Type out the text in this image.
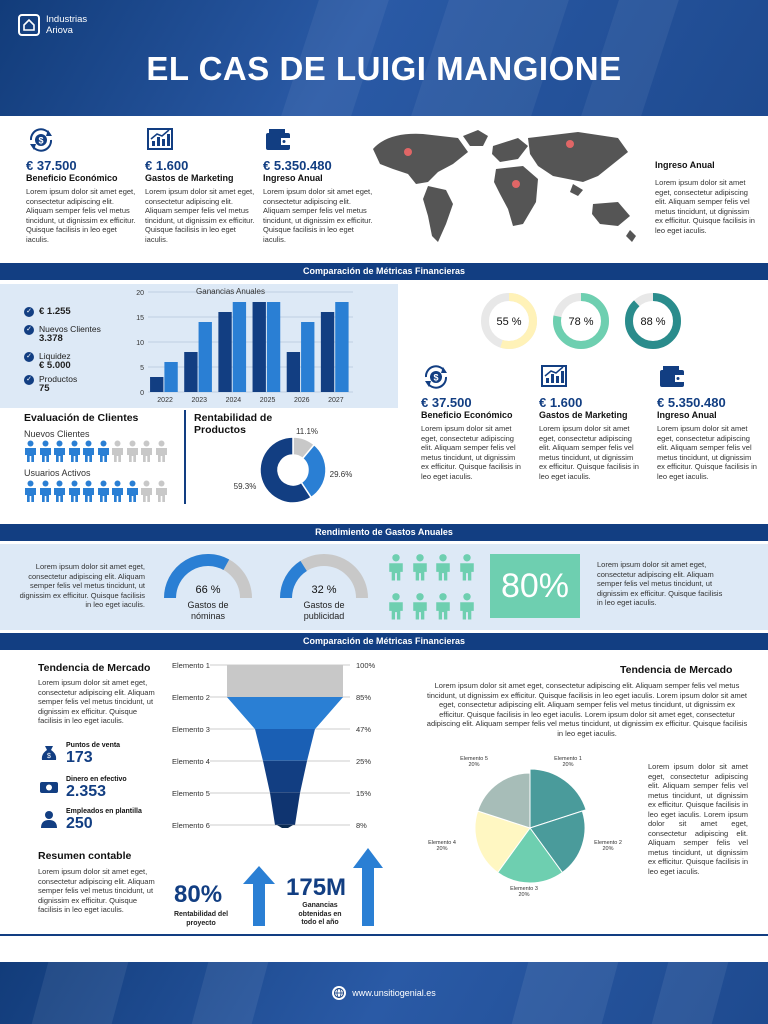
Industrias
Ariova
EL CAS DE LUIGI MANGIONE
$
€ 37.500
Beneficio Económico
Lorem ipsum dolor sit amet eget, consectetur adipiscing elit. Aliquam semper felis vel metus tincidunt, ut dignissim ex efficitur. Quisque facilisis in leo eget iaculis.
€ 1.600
Gastos de Marketing
Lorem ipsum dolor sit amet eget, consectetur adipiscing elit. Aliquam semper felis vel metus tincidunt, ut dignissim ex efficitur. Quisque facilisis in leo eget iaculis.
€ 5.350.480
Ingreso Anual
Lorem ipsum dolor sit amet eget, consectetur adipiscing elit. Aliquam semper felis vel metus tincidunt, ut dignissim ex efficitur. Quisque facilisis in leo eget iaculis.
Ingreso Anual
Lorem ipsum dolor sit amet eget, consectetur adipiscing elit. Aliquam semper felis vel metus tincidunt, ut dignissim ex efficitur. Quisque facilisis in leo eget iaculis.
Comparación de Métricas Financieras
✓ € 1.255
✓ Nuevos Clientes
3.378
✓ Liquidez
€ 5.000
✓ Productos
75	0
5
10
15
20
2022	2023	2024	2025	2026	2027
Ganancias Anuales
Evaluación de Clientes
Nuevos Clientes
Usuarios Activos
Rentabilidad de Productos	11.1%
29.6%
59.3%
55 %	78 %	88 %
$
€ 37.500
Beneficio Económico
Lorem ipsum dolor sit amet eget, consectetur adipiscing elit. Aliquam semper felis vel metus tincidunt, ut dignissim ex efficitur. Quisque facilisis in leo eget iaculis.
€ 1.600
Gastos de Marketing
Lorem ipsum dolor sit amet eget, consectetur adipiscing elit. Aliquam semper felis vel metus tincidunt, ut dignissim ex efficitur. Quisque facilisis in leo eget iaculis.
€ 5.350.480
Ingreso Anual
Lorem ipsum dolor sit amet eget, consectetur adipiscing elit. Aliquam semper felis vel metus tincidunt, ut dignissim ex efficitur. Quisque facilisis in leo eget iaculis.
Rendimiento de Gastos Anuales
Lorem ipsum dolor sit amet eget, consectetur adipiscing elit. Aliquam semper felis vel metus tincidunt, ut dignissim ex efficitur. Quisque facilisis in leo eget iaculis.
66 %
Gastos de nóminas
32 %
Gastos de publicidad
80%
Lorem ipsum dolor sit amet eget, consectetur adipiscing elit. Aliquam semper felis vel metus tincidunt, ut dignissim ex efficitur. Quisque facilisis in leo eget iaculis.
Comparación de Métricas Financieras
Tendencia de Mercado
Lorem ipsum dolor sit amet eget, consectetur adipiscing elit. Aliquam semper felis vel metus tincidunt, ut dignissim ex efficitur. Quisque facilisis in leo eget iaculis.
$
Puntos de venta
173
Dinero en efectivo
2.353
Empleados en plantilla
250
Elemento 1	100%
Elemento 2	85%
Elemento 3	47%
Elemento 4	25%
Elemento 5	15%
Elemento 6	8%
Resumen contable
Lorem ipsum dolor sit amet eget, consectetur adipiscing elit. Aliquam semper felis vel metus tincidunt, ut dignissim ex efficitur. Quisque facilisis in leo eget iaculis.
80%
Rentabilidad del proyecto
175M
Ganancias obtenidas en todo el año
Tendencia de Mercado
Lorem ipsum dolor sit amet eget, consectetur adipiscing elit. Aliquam semper felis vel metus tincidunt, ut dignissim ex efficitur. Quisque facilisis in leo eget iaculis. Lorem ipsum dolor sit amet eget, consectetur adipiscing elit. Aliquam semper felis vel metus tincidunt, ut dignissim ex efficitur. Quisque facilisis in leo eget iaculis. Lorem ipsum dolor sit amet eget, consectetur adipiscing elit. Aliquam semper felis vel metus tincidunt, ut dignissim ex efficitur. Quisque facilisis in leo eget iaculis.
Elemento 1 20%
Elemento 2 20%
Elemento 3 20%
Elemento 4 20%
Elemento 5 20%	Lorem ipsum dolor sit amet eget, consectetur adipiscing elit. Aliquam semper felis vel metus tincidunt, ut dignissim ex efficitur. Quisque facilisis in leo eget iaculis. Lorem ipsum dolor sit amet eget, consectetur adipiscing elit. Aliquam semper felis vel metus tincidunt, ut dignissim ex efficitur. Quisque facilisis in leo eget iaculis.
www.unsitiogenial.es
